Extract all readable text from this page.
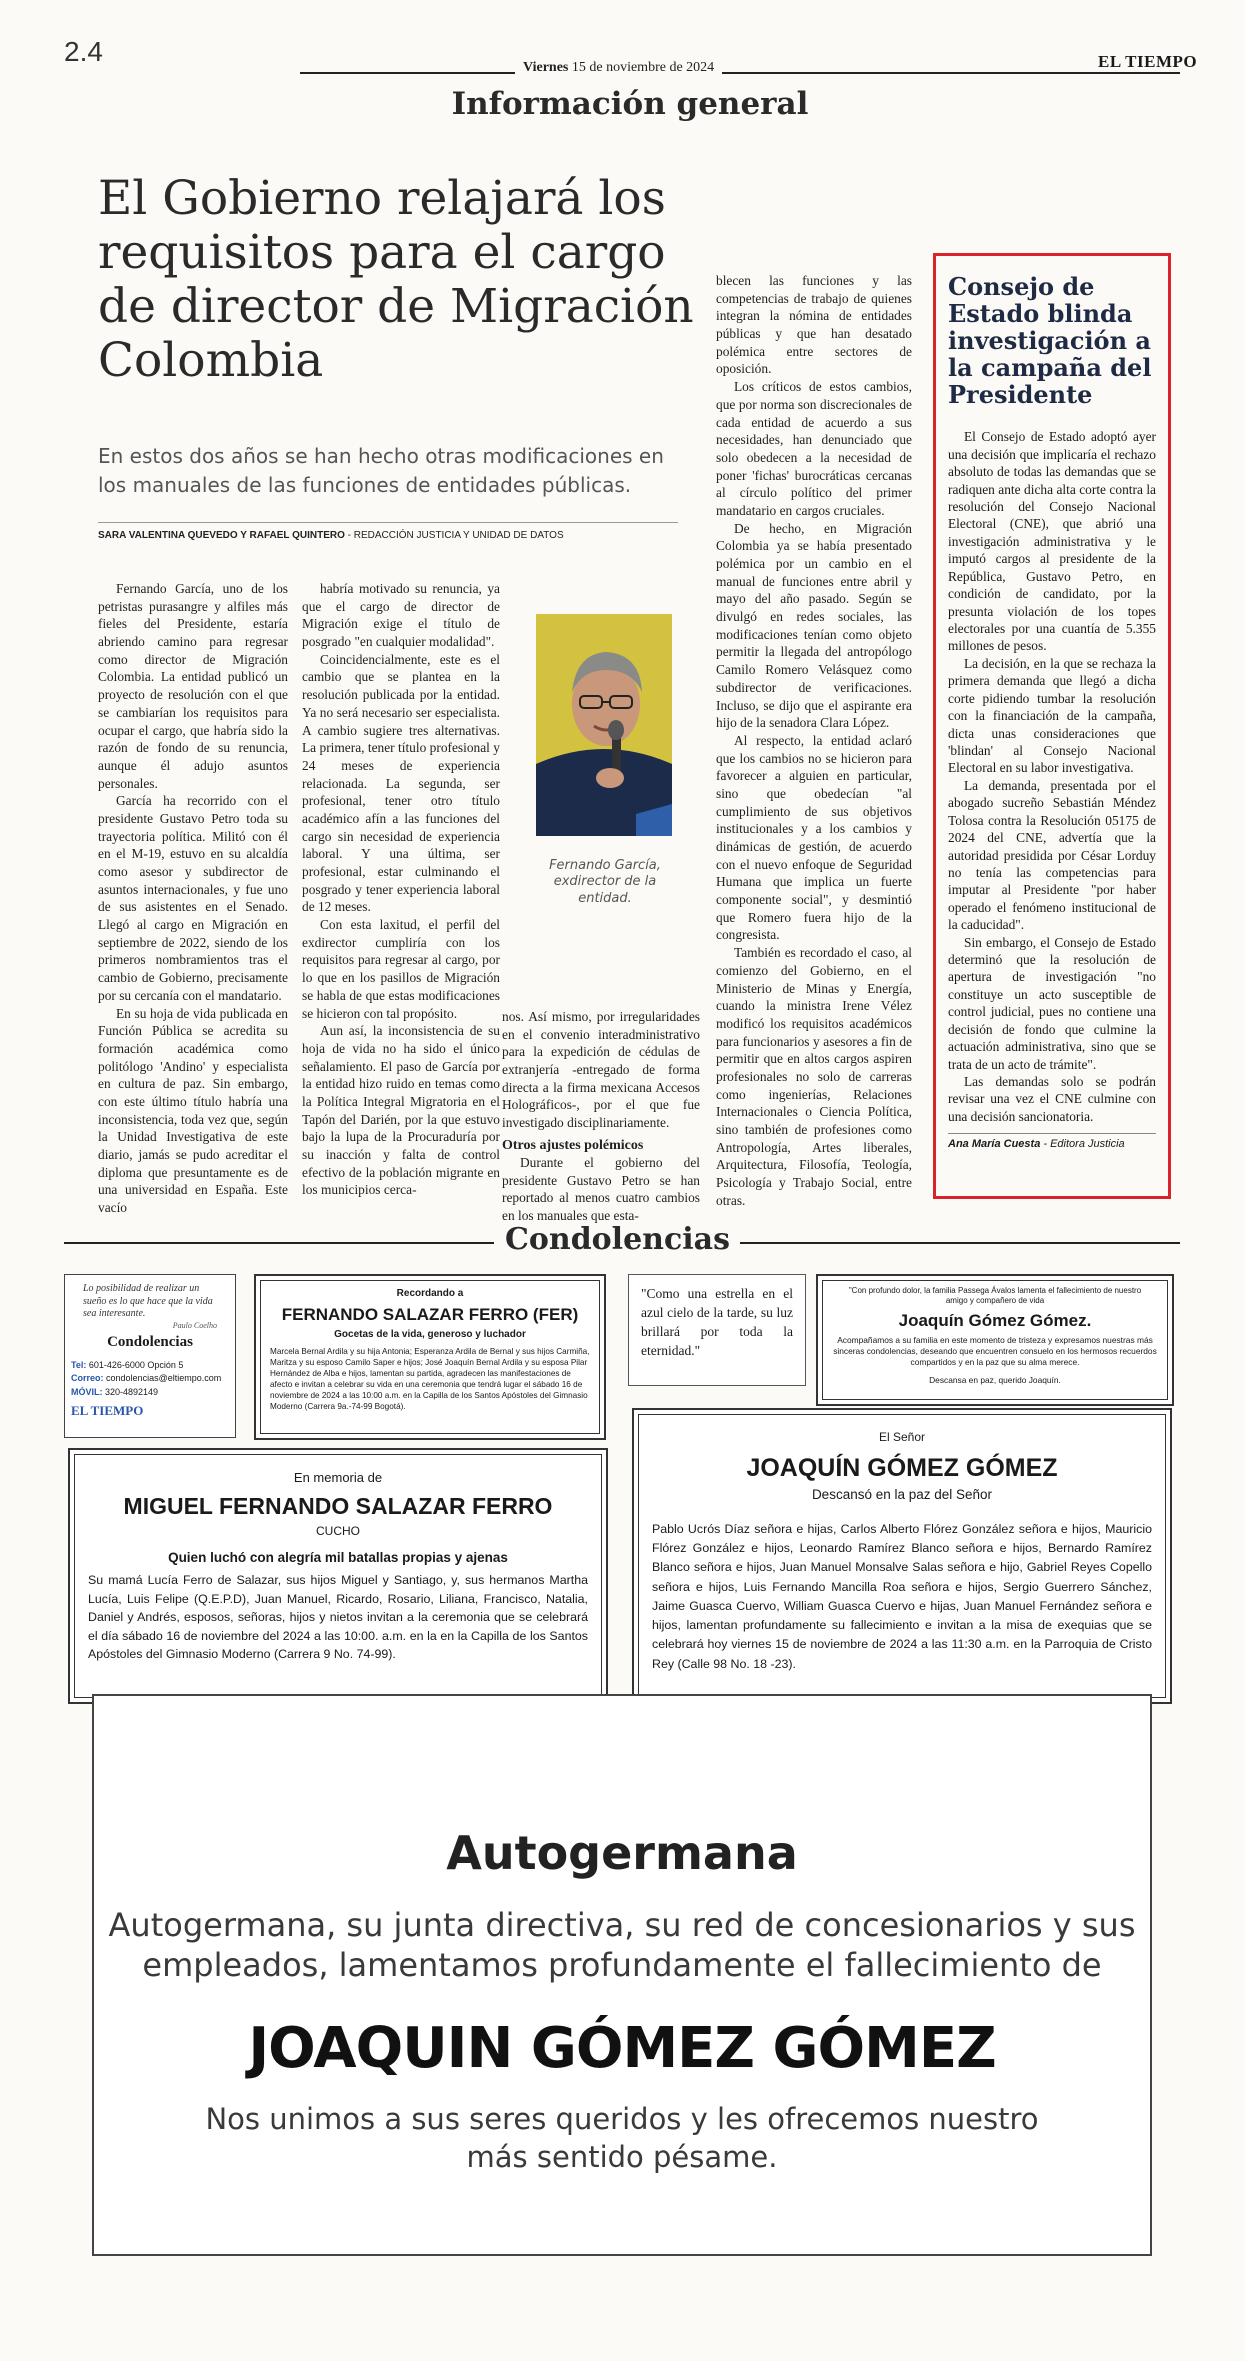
2.4
Viernes 15 de noviembre de 2024	EL TIEMPO
Información general
El Gobierno relajará los requisitos para el cargo de director de Migración Colombia
En estos dos años se han hecho otras modificaciones en los manuales de las funciones de entidades públicas.
SARA VALENTINA QUEVEDO Y RAFAEL QUINTERO - REDACCIÓN JUSTICIA Y UNIDAD DE DATOS

Fernando García, uno de los petristas purasangre y alfiles más fieles del Presidente, estaría abriendo camino para regresar como director de Migración Colombia. La entidad publicó un proyecto de resolución con el que se cambiarían los requisitos para ocupar el cargo, que habría sido la razón de fondo de su renuncia, aunque él adujo asuntos personales.

García ha recorrido con el presidente Gustavo Petro toda su trayectoria política. Militó con él en el M-19, estuvo en su alcaldía como asesor y subdirector de asuntos internacionales, y fue uno de sus asistentes en el Senado. Llegó al cargo en Migración en septiembre de 2022, siendo de los primeros nombramientos tras el cambio de Gobierno, precisamente por su cercanía con el mandatario.

En su hoja de vida publicada en Función Pública se acredita su formación académica como politólogo 'Andino' y especialista en cultura de paz. Sin embargo, con este último título habría una inconsistencia, toda vez que, según la Unidad Investigativa de este diario, jamás se pudo acreditar el diploma que presuntamente es de una universidad en España. Este vacío

habría motivado su renuncia, ya que el cargo de director de Migración exige el título de posgrado "en cualquier modalidad".

Coincidencialmente, este es el cambio que se plantea en la resolución publicada por la entidad. Ya no será necesario ser especialista. A cambio sugiere tres alternativas. La primera, tener título profesional y 24 meses de experiencia relacionada. La segunda, ser profesional, tener otro título académico afín a las funciones del cargo sin necesidad de experiencia laboral. Y una última, ser profesional, estar culminando el posgrado y tener experiencia laboral de 12 meses.

Con esta laxitud, el perfil del exdirector cumpliría con los requisitos para regresar al cargo, por lo que en los pasillos de Migración se habla de que estas modificaciones se hicieron con tal propósito.

Aun así, la inconsistencia de su hoja de vida no ha sido el único señalamiento. El paso de García por la entidad hizo ruido en temas como la Política Integral Migratoria en el Tapón del Darién, por la que estuvo bajo la lupa de la Procuraduría por su inacción y falta de control efectivo de la población migrante en los municipios cerca-

Fernando García, exdirector de la entidad.

nos. Así mismo, por irregularidades en el convenio interadministrativo para la expedición de cédulas de extranjería -entregado de forma directa a la firma mexicana Accesos Holográficos-, por el que fue investigado disciplinariamente.

Otros ajustes polémicos

Durante el gobierno del presidente Gustavo Petro se han reportado al menos cuatro cambios en los manuales que esta-

blecen las funciones y las competencias de trabajo de quienes integran la nómina de entidades públicas y que han desatado polémica entre sectores de oposición.

Los críticos de estos cambios, que por norma son discrecionales de cada entidad de acuerdo a sus necesidades, han denunciado que solo obedecen a la necesidad de poner 'fichas' burocráticas cercanas al círculo político del primer mandatario en cargos cruciales.

De hecho, en Migración Colombia ya se había presentado polémica por un cambio en el manual de funciones entre abril y mayo del año pasado. Según se divulgó en redes sociales, las modificaciones tenían como objeto permitir la llegada del antropólogo Camilo Romero Velásquez como subdirector de verificaciones. Incluso, se dijo que el aspirante era hijo de la senadora Clara López.

Al respecto, la entidad aclaró que los cambios no se hicieron para favorecer a alguien en particular, sino que obedecían "al cumplimiento de sus objetivos institucionales y a los cambios y dinámicas de gestión, de acuerdo con el nuevo enfoque de Seguridad Humana que implica un fuerte componente social", y desmintió que Romero fuera hijo de la congresista.

También es recordado el caso, al comienzo del Gobierno, en el Ministerio de Minas y Energía, cuando la ministra Irene Vélez modificó los requisitos académicos para funcionarios y asesores a fin de permitir que en altos cargos aspiren profesionales no solo de carreras como ingenierías, Relaciones Internacionales o Ciencia Política, sino también de profesiones como Antropología, Artes liberales, Arquitectura, Filosofía, Teología, Psicología y Trabajo Social, entre otras.

Consejo de Estado blinda investigación a la campaña del Presidente

El Consejo de Estado adoptó ayer una decisión que implicaría el rechazo absoluto de todas las demandas que se radiquen ante dicha alta corte contra la resolución del Consejo Nacional Electoral (CNE), que abrió una investigación administrativa y le imputó cargos al presidente de la República, Gustavo Petro, en condición de candidato, por la presunta violación de los topes electorales por una cuantía de 5.355 millones de pesos.

La decisión, en la que se rechaza la primera demanda que llegó a dicha corte pidiendo tumbar la resolución con la financiación de la campaña, dicta unas consideraciones que 'blindan' al Consejo Nacional Electoral en su labor investigativa.

La demanda, presentada por el abogado sucreño Sebastián Méndez Tolosa contra la Resolución 05175 de 2024 del CNE, advertía que la autoridad presidida por César Lorduy no tenía las competencias para imputar al Presidente "por haber operado el fenómeno institucional de la caducidad".

Sin embargo, el Consejo de Estado determinó que la resolución de apertura de investigación "no constituye un acto susceptible de control judicial, pues no contiene una decisión de fondo que culmine la actuación administrativa, sino que se trata de un acto de trámite".

Las demandas solo se podrán revisar una vez el CNE culmine con una decisión sancionatoria.

Ana María Cuesta - Editora Justicia
Condolencias
Lo posibilidad de realizar un sueño es lo que hace que la vida sea interesante.
Paulo Coelho
Condolencias
Tel: 601-426-6000 Opción 5
Correo: condolencias@eltiempo.com
MÓVIL: 320-4892149
EL TIEMPO
Recordando a
FERNANDO SALAZAR FERRO (FER)
Gocetas de la vida, generoso y luchador
Marcela Bernal Ardila y su hija Antonia; Esperanza Ardila de Bernal y sus hijos Carmiña, Maritza y su esposo Camilo Saper e hijos; José Joaquín Bernal Ardila y su esposa Pilar Hernández de Alba e hijos, lamentan su partida, agradecen las manifestaciones de afecto e invitan a celebrar su vida en una ceremonia que tendrá lugar el sábado 16 de noviembre de 2024 a las 10:00 a.m. en la Capilla de los Santos Apóstoles del Gimnasio Moderno (Carrera 9a.-74-99 Bogotá).
"Como una estrella en el azul cielo de la tarde, su luz brillará por toda la eternidad."
"Con profundo dolor, la familia Passega Ávalos lamenta el fallecimiento de nuestro amigo y compañero de vida
Joaquín Gómez Gómez.
Acompañamos a su familia en este momento de tristeza y expresamos nuestras más sinceras condolencias, deseando que encuentren consuelo en los hermosos recuerdos compartidos y en la paz que su alma merece.
Descansa en paz, querido Joaquín.
En memoria de
MIGUEL FERNANDO SALAZAR FERRO
CUCHO
Quien luchó con alegría mil batallas propias y ajenas
Su mamá Lucía Ferro de Salazar, sus hijos Miguel y Santiago, y, sus hermanos Martha Lucía, Luis Felipe (Q.E.P.D), Juan Manuel, Ricardo, Rosario, Liliana, Francisco, Natalia, Daniel y Andrés, esposos, señoras, hijos y nietos invitan a la ceremonia que se celebrará el día sábado 16 de noviembre del 2024 a las 10:00. a.m. en la en la Capilla de los Santos Apóstoles del Gimnasio Moderno (Carrera 9 No. 74-99).
El Señor
JOAQUÍN GÓMEZ GÓMEZ
Descansó en la paz del Señor
Pablo Ucrós Díaz señora e hijas, Carlos Alberto Flórez González señora e hijos, Mauricio Flórez González e hijos, Leonardo Ramírez Blanco señora e hijos, Bernardo Ramírez Blanco señora e hijos, Juan Manuel Monsalve Salas señora e hijo, Gabriel Reyes Copello señora e hijos, Luis Fernando Mancilla Roa señora e hijos, Sergio Guerrero Sánchez, Jaime Guasca Cuervo, William Guasca Cuervo e hijas, Juan Manuel Fernández señora e hijos, lamentan profundamente su fallecimiento e invitan a la misa de exequias que se celebrará hoy viernes 15 de noviembre de 2024 a las 11:30 a.m. en la Parroquia de Cristo Rey (Calle 98 No. 18 -23).
Autogermana
Autogermana, su junta directiva, su red de concesionarios y sus
empleados, lamentamos profundamente el fallecimiento de
JOAQUIN GÓMEZ GÓMEZ
Nos unimos a sus seres queridos y les ofrecemos nuestro
más sentido pésame.
